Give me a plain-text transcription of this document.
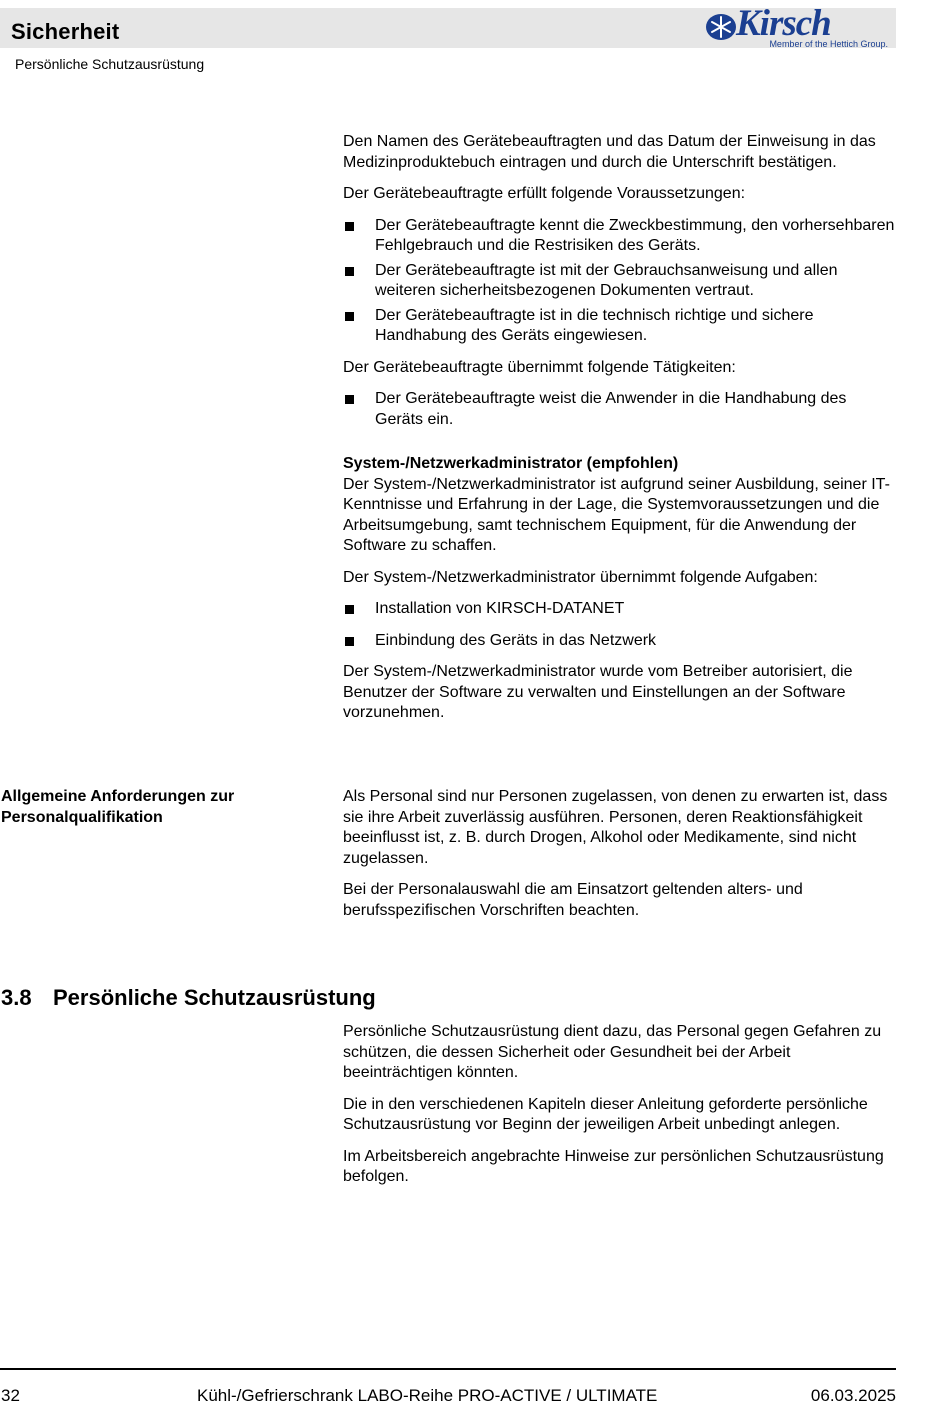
Sicherheit	Kirsch
Member of the Hettich Group.
Persönliche Schutzausrüstung

Den Namen des Gerätebeauftragten und das Datum der Einweisung in das Medizinproduktebuch eintragen und durch die Unterschrift bestätigen.

Der Gerätebeauftragte erfüllt folgende Voraussetzungen:

Der Gerätebeauftragte kennt die Zweckbestimmung, den vorhersehbaren Fehlgebrauch und die Restrisiken des Geräts.
Der Gerätebeauftragte ist mit der Gebrauchsanweisung und allen weiteren sicherheitsbezogenen Dokumenten vertraut.
Der Gerätebeauftragte ist in die technisch richtige und sichere Handhabung des Geräts eingewiesen.

Der Gerätebeauftragte übernimmt folgende Tätigkeiten:

Der Gerätebeauftragte weist die Anwender in die Handhabung des Geräts ein.
System-/Netzwerkadministrator (empfohlen)

Der System-/Netzwerkadministrator ist aufgrund seiner Ausbildung, seiner IT-Kenntnisse und Erfahrung in der Lage, die Systemvoraussetzungen und die Arbeitsumgebung, samt technischem Equipment, für die Anwendung der Software zu schaffen.

Der System-/Netzwerkadministrator übernimmt folgende Aufgaben:

Installation von KIRSCH-DATANET
Einbindung des Geräts in das Netzwerk

Der System-/Netzwerkadministrator wurde vom Betreiber autorisiert, die Benutzer der Software zu verwalten und Einstellungen an der Software vorzunehmen.

Allgemeine Anforderungen zur Personalqualifikation

Als Personal sind nur Personen zugelassen, von denen zu erwarten ist, dass sie ihre Arbeit zuverlässig ausführen. Personen, deren Reaktionsfähigkeit beeinflusst ist, z. B. durch Drogen, Alkohol oder Medikamente, sind nicht zugelassen.

Bei der Personalauswahl die am Einsatzort geltenden alters- und berufsspezifischen Vorschriften beachten.

3.8 Persönliche Schutzausrüstung

Persönliche Schutzausrüstung dient dazu, das Personal gegen Gefahren zu schützen, die dessen Sicherheit oder Gesundheit bei der Arbeit beeinträchtigen könnten.

Die in den verschiedenen Kapiteln dieser Anleitung geforderte persönliche Schutzausrüstung vor Beginn der jeweiligen Arbeit unbedingt anlegen.

Im Arbeitsbereich angebrachte Hinweise zur persönlichen Schutzausrüstung befolgen.

32	Kühl-/Gefrierschrank LABO-Reihe PRO-ACTIVE / ULTIMATE	06.03.2025
